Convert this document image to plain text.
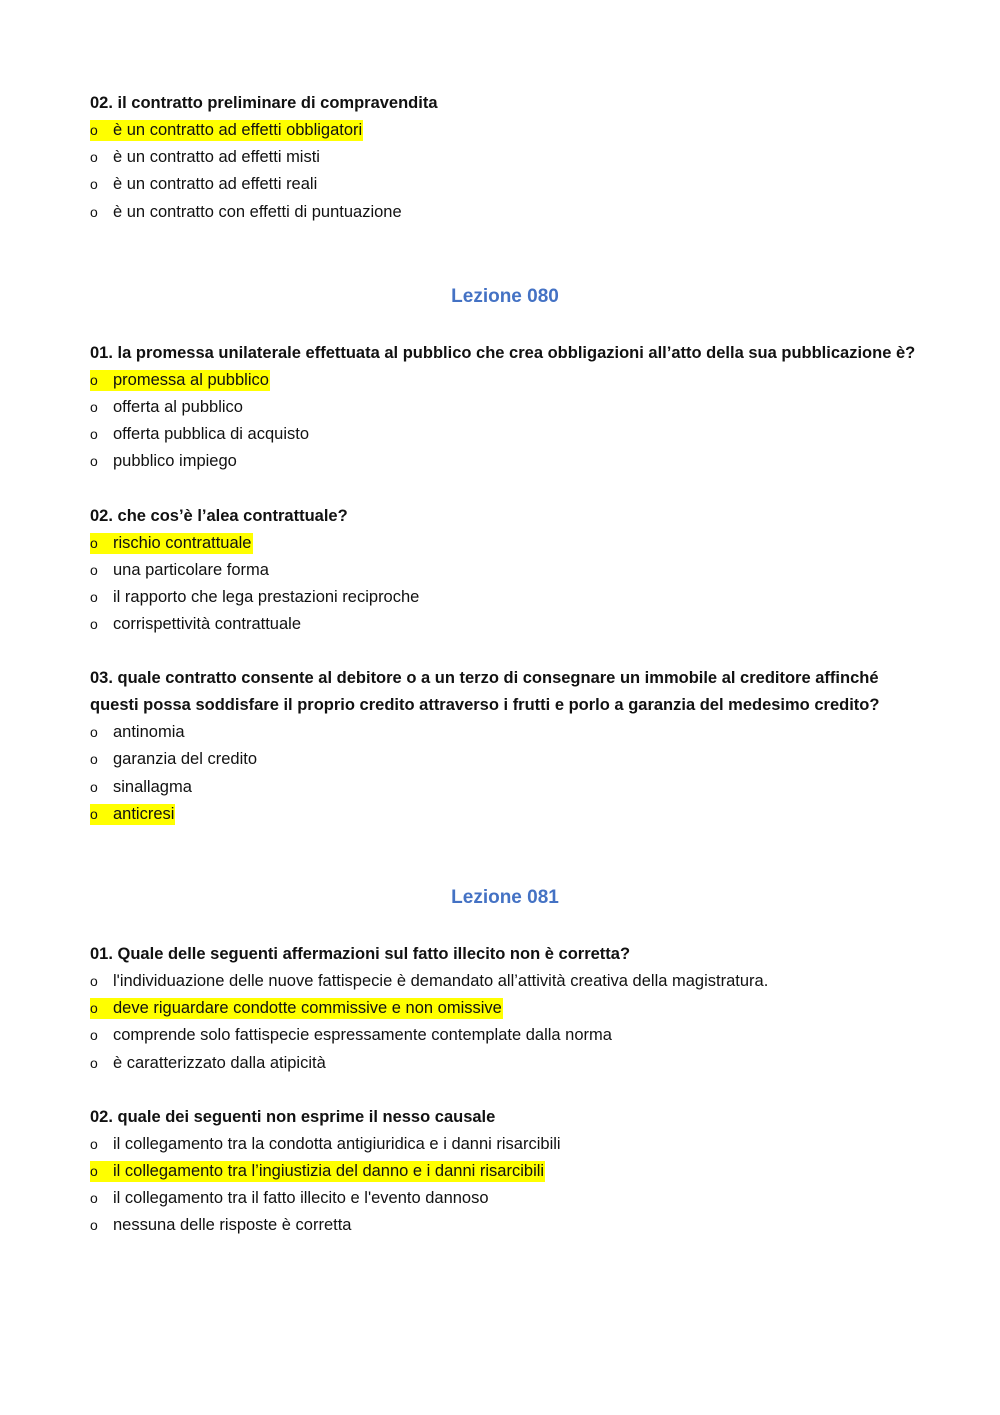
02. il contratto preliminare di compravendita

o è un contratto ad effetti obbligatori
o è un contratto ad effetti misti
o è un contratto ad effetti reali
o è un contratto con effetti di puntuazione
Lezione 080

01. la promessa unilaterale effettuata al pubblico che crea obbligazioni all’atto della sua pubblicazione è?

o promessa al pubblico
o offerta al pubblico
o offerta pubblica di acquisto
o pubblico impiego

02. che cos’è l’alea contrattuale?

o rischio contrattuale
o una particolare forma
o il rapporto che lega prestazioni reciproche
o corrispettività contrattuale

03. quale contratto consente al debitore o a un terzo di consegnare un immobile al creditore affinché questi possa soddisfare il proprio credito attraverso i frutti e porlo a garanzia del medesimo credito?

o antinomia
o garanzia del credito
o sinallagma
o anticresi
Lezione 081

01. Quale delle seguenti affermazioni sul fatto illecito non è corretta?

o l'individuazione delle nuove fattispecie è demandato all’attività creativa della magistratura.
o deve riguardare condotte commissive e non omissive
o comprende solo fattispecie espressamente contemplate dalla norma
o è caratterizzato dalla atipicità

02. quale dei seguenti non esprime il nesso causale

o il collegamento tra la condotta antigiuridica e i danni risarcibili
o il collegamento tra l’ingiustizia del danno e i danni risarcibili
o il collegamento tra il fatto illecito e l'evento dannoso
o nessuna delle risposte è corretta
